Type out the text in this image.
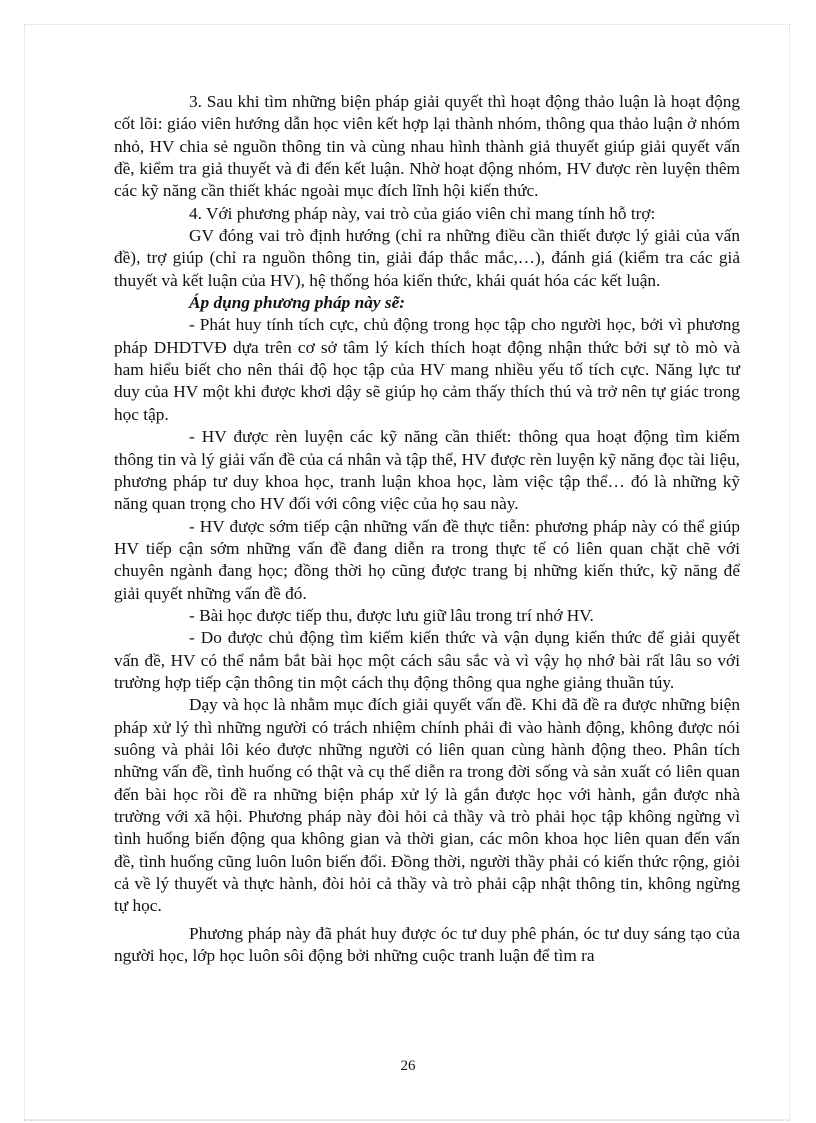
3. Sau khi tìm những biện pháp giải quyết thì hoạt động thảo luận là hoạt động cốt lõi: giáo viên hướng dẫn học viên kết hợp lại thành nhóm, thông qua thảo luận ở nhóm nhỏ, HV chia sẻ nguồn thông tin và cùng nhau hình thành giả thuyết giúp giải quyết vấn đề, kiểm tra giả thuyết và đi đến kết luận. Nhờ hoạt động nhóm, HV được rèn luyện thêm các kỹ năng cần thiết khác ngoài mục đích lĩnh hội kiến thức.

4. Với phương pháp này, vai trò của giáo viên chỉ mang tính hỗ trợ:

GV đóng vai trò định hướng (chỉ ra những điều cần thiết được lý giải của vấn đề), trợ giúp (chỉ ra nguồn thông tin, giải đáp thắc mắc,…), đánh giá (kiểm tra các giả thuyết và kết luận của HV), hệ thống hóa kiến thức, khái quát hóa các kết luận.

Áp dụng phương pháp này sẽ:

- Phát huy tính tích cực, chủ động trong học tập cho người học, bởi vì phương pháp DHDTVĐ dựa trên cơ sở tâm lý kích thích hoạt động nhận thức bởi sự tò mò và ham hiểu biết cho nên thái độ học tập của HV mang nhiều yếu tố tích cực. Năng lực tư duy của HV một khi được khơi dậy sẽ giúp họ cảm thấy thích thú và trở nên tự giác trong học tập.

- HV được rèn luyện các kỹ năng cần thiết: thông qua hoạt động tìm kiếm thông tin và lý giải vấn đề của cá nhân và tập thể, HV được rèn luyện kỹ năng đọc tài liệu, phương pháp tư duy khoa học, tranh luận khoa học, làm việc tập thể… đó là những kỹ năng quan trọng cho HV đối với công việc của họ sau này.

- HV được sớm tiếp cận những vấn đề thực tiễn: phương pháp này có thể giúp HV tiếp cận sớm những vấn đề đang diễn ra trong thực tế có liên quan chặt chẽ với chuyên ngành đang học; đồng thời họ cũng được trang bị những kiến thức, kỹ năng để giải quyết những vấn đề đó.

- Bài học được tiếp thu, được lưu giữ lâu trong trí nhớ HV.

- Do được chủ động tìm kiếm kiến thức và vận dụng kiến thức để giải quyết vấn đề, HV có thể nắm bắt bài học một cách sâu sắc và vì vậy họ nhớ bài rất lâu so với trường hợp tiếp cận thông tin một cách thụ động thông qua nghe giảng thuần túy.

Dạy và học là nhằm mục đích giải quyết vấn đề. Khi đã đề ra được những biện pháp xử lý thì những người có trách nhiệm chính phải đi vào hành động, không được nói suông và phải lôi kéo được những người có liên quan cùng hành động theo. Phân tích những vấn đề, tình huống có thật và cụ thể diễn ra trong đời sống và sản xuất có liên quan đến bài học rồi đề ra những biện pháp xử lý là gắn được học với hành, gắn được nhà trường với xã hội. Phương pháp này đòi hỏi cả thầy và trò phải học tập không ngừng vì tình huống biến động qua không gian và thời gian, các môn khoa học liên quan đến vấn đề, tình huống cũng luôn luôn biến đổi. Đồng thời, người thầy phải có kiến thức rộng, giỏi cả về lý thuyết và thực hành, đòi hỏi cả thầy và trò phải cập nhật thông tin, không ngừng tự học.

Phương pháp này đã phát huy được óc tư duy phê phán, óc tư duy sáng tạo của người học, lớp học luôn sôi động bởi những cuộc tranh luận để tìm ra

26
